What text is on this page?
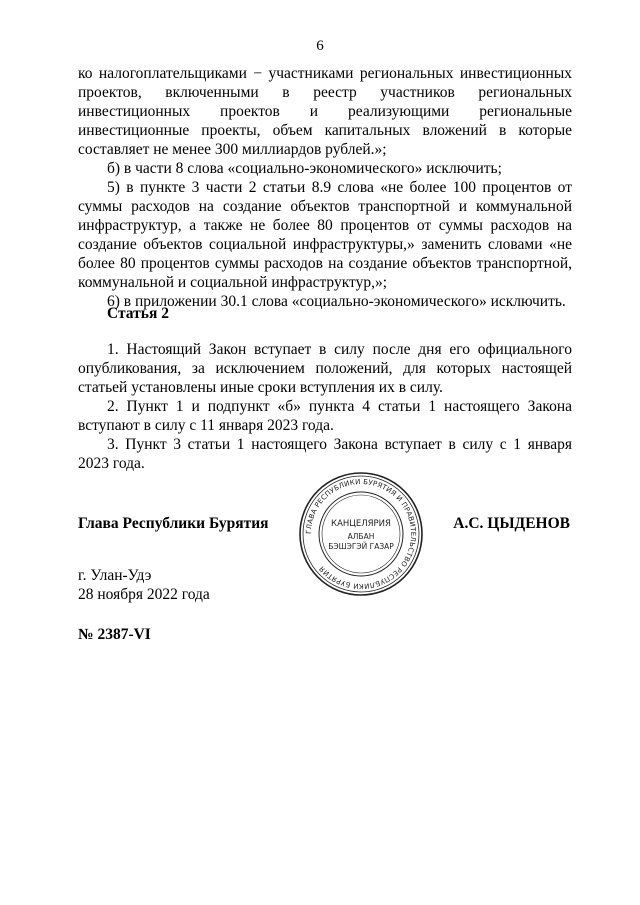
6

ко налогоплательщиками − участниками региональных инвестиционных проектов, включенными в реестр участников региональных инвестиционных проектов и реализующими региональные инвестиционные проекты, объем капитальных вложений в которые составляет не менее 300 миллиардов рублей.»;

б) в части 8 слова «социально-экономического» исключить;

5) в пункте 3 части 2 статьи 8.9 слова «не более 100 процентов от суммы расходов на создание объектов транспортной и коммунальной инфраструктур, а также не более 80 процентов от суммы расходов на создание объектов социальной инфраструктуры,» заменить словами «не более 80 процентов суммы расходов на создание объектов транспортной, коммунальной и социальной инфраструктур,»;

6) в приложении 30.1 слова «социально-экономического» исключить.

Статья 2

1. Настоящий Закон вступает в силу после дня его официального опубликования, за исключением положений, для которых настоящей статьей установлены иные сроки вступления их в силу.

2. Пункт 1 и подпункт «б» пункта 4 статьи 1 настоящего Закона вступают в силу с 11 января 2023 года.

3. Пункт 3 статьи 1 настоящего Закона вступает в силу с 1 января 2023 года.

Глава Республики Бурятия	А.С. ЦЫДЕНОВ
ГЛАВА РЕСПУБЛИКИ БУРЯТИЯ И ПРАВИТЕЛЬСТВО РЕСПУБЛИКИ БУРЯТИЯ
КАНЦЕЛЯРИЯ
АЛБАН
БЭШЭГЭЙ ГАЗАР
г. Улан-Удэ
28 ноября 2022 года
№ 2387-VI
